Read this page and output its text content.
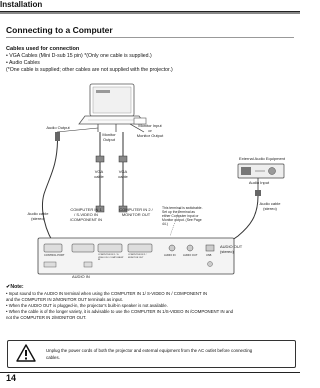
Installation
Connecting to a Computer
Cables used for connection
• VGA Cables (Mini D-sub 15 pin) *(Only one cable is supplied.)
• Audio Cables
(*One cable is supplied; other cables are not supplied with the projector.)
Audio Output
Monitor
Output
Monitor Input
or
Monitor Output
External Audio Equipment
Audio Input
VGA
cable
VGA
cable
Audio cable
(stereo)
Audio cable
(stereo)
COMPUTER IN 1
/ S-VIDEO IN
/COMPONENT IN
COMPUTER IN 2 /
MONITOR OUT
This terminal is switchable.
Set up the terminal as
either Computer input or
Monitor output. (See Page
44.)
AUDIO OUT
(stereo)
AUDIO IN
CONTROL PORT	COMPUTER IN 1 / S-VIDEO IN / COMPONENT IN
COMPUTER IN 2 / MONITOR OUT
AUDIO IN	AUDIO OUT	USB
✔Note:
• Input sound to the AUDIO IN terminal when using the COMPUTER IN 1/ S-VIDEO IN / COMPONENT IN
and the COMPUTER IN 2/MONITOR OUT terminals as input.
• When the AUDIO OUT is plugged-in, the projector's built-in speaker is not available.
• When the cable is of the longer variety, it is advisable to use the COMPUTER IN 1/S-VIDEO IN /COMPONENT IN and
not the COMPUTER IN 2/MONITOR OUT.
Unplug the power cords of both the projector and external equipment from the AC outlet before connecting
cables.
14
